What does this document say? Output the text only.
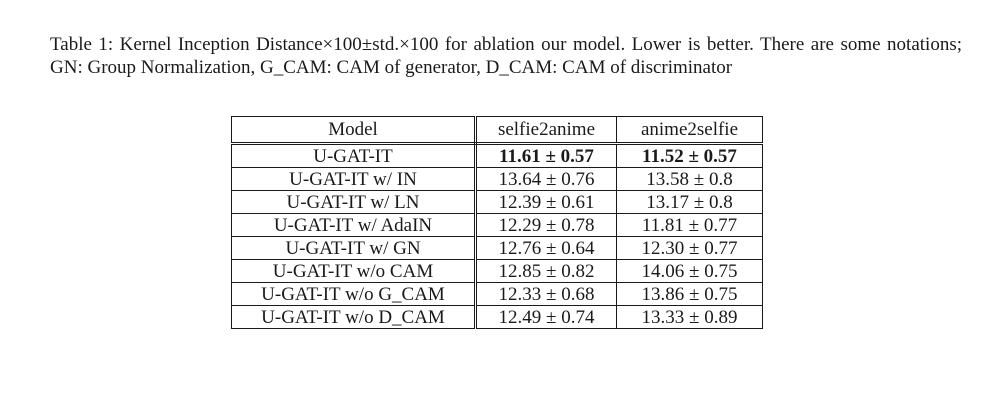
Table 1: Kernel Inception Distance×100±std.×100 for ablation our model. Lower is better. There are some notations; GN: Group Normalization, G_CAM: CAM of generator, D_CAM: CAM of discriminator
Model	selfie2anime	anime2selfie
U-GAT-IT	11.61 ± 0.57	11.52 ± 0.57
U-GAT-IT w/ IN	13.64 ± 0.76	13.58 ± 0.8
U-GAT-IT w/ LN	12.39 ± 0.61	13.17 ± 0.8
U-GAT-IT w/ AdaIN	12.29 ± 0.78	11.81 ± 0.77
U-GAT-IT w/ GN	12.76 ± 0.64	12.30 ± 0.77
U-GAT-IT w/o CAM	12.85 ± 0.82	14.06 ± 0.75
U-GAT-IT w/o G_CAM	12.33 ± 0.68	13.86 ± 0.75
U-GAT-IT w/o D_CAM	12.49 ± 0.74	13.33 ± 0.89
